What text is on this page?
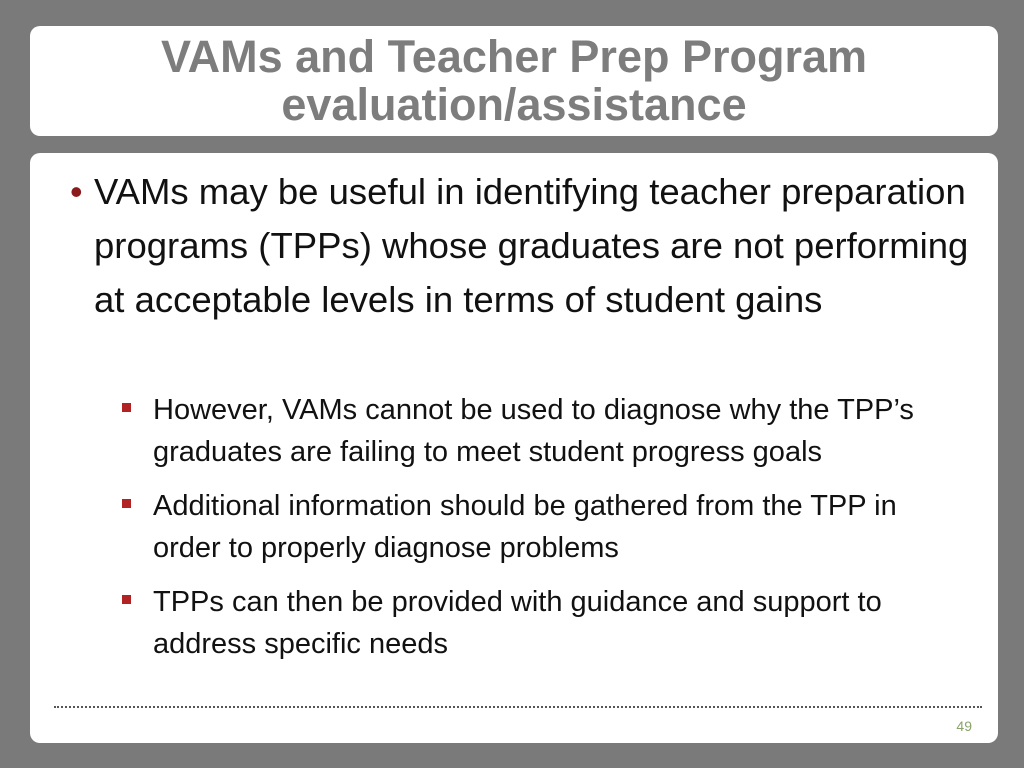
VAMs and Teacher Prep Program
evaluation/assistance
• VAMs may be useful in identifying teacher preparation programs (TPPs) whose graduates are not performing at acceptable levels in terms of student gains
However, VAMs cannot be used to diagnose why the TPP’s graduates are failing to meet student progress goals
Additional information should be gathered from the TPP in order to properly diagnose problems
TPPs can then be provided with guidance and support to address specific needs
49
